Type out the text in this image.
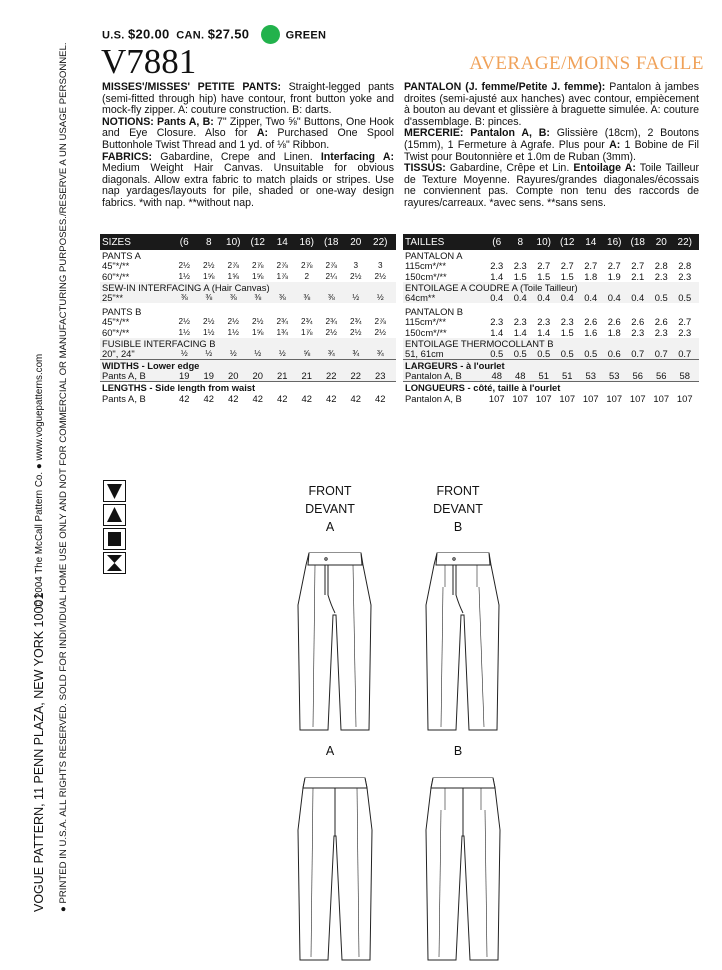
VOGUE PATTERN, 11 PENN PLAZA, NEW YORK 10001
© 2004 The McCall Pattern Co. ● www.voguepatterns.com ● PRINTED IN U.S.A. ALL RIGHTS RESERVED. SOLD FOR INDIVIDUAL HOME USE ONLY AND NOT FOR COMMERCIAL OR MANUFACTURING PURPOSES./RESERVE A UN USAGE PERSONNEL.
U.S. $20.00 CAN. $27.50	GREEN
V7881	AVERAGE/MOINS FACILE

MISSES'/MISSES' PETITE PANTS: Straight-legged pants (semi-fitted through hip) have contour, front button yoke and mock-fly zipper. A: couture construction. B: darts.

NOTIONS: Pants A, B: 7" Zipper, Two ⅝" Buttons, One Hook and Eye Closure. Also for A: Purchased One Spool Buttonhole Twist Thread and 1 yd. of ⅛" Ribbon.

FABRICS: Gabardine, Crepe and Linen. Interfacing A: Medium Weight Hair Canvas. Unsuitable for obvious diagonals. Allow extra fabric to match plaids or stripes. Use nap yardages/layouts for pile, shaded or one-way design fabrics. *with nap. **without nap.

PANTALON (J. femme/Petite J. femme): Pantalon à jambes droites (semi-ajusté aux hanches) avec contour, empiècement à bouton au devant et glissière à braguette simulée. A: couture d'assemblage. B: pinces.

MERCERIE: Pantalon A, B: Glissière (18cm), 2 Boutons (15mm), 1 Fermeture à Agrafe. Plus pour A: 1 Bobine de Fil Twist pour Boutonnière et 1.0m de Ruban (3mm).

TISSUS: Gabardine, Crêpe et Lin. Entoilage A: Toile Tailleur de Texture Moyenne. Rayures/grandes diagonales/écossais ne conviennent pas. Compte non tenu des raccords de rayures/carreaux. *avec sens. **sans sens.

SIZES	(6	8	10)	(12	14	16)	(18	20	22)
PANTS A
45"*/**	2½	2½	2⅞	2⅞	2⅞	2⅞	2⅞	3	3
60"*/**	1½	1⅝	1⅝	1⅝	1⅞	2	2¼	2½	2½
SEW-IN INTERFACING A (Hair Canvas)
25"**	⅜	⅜	⅜	⅜	⅜	⅜	⅜	½	½
PANTS B
45"*/**	2½	2½	2½	2½	2¾	2¾	2¾	2¾	2⅞
60"*/**	1½	1½	1½	1⅝	1¾	1⅞	2½	2½	2½
FUSIBLE INTERFACING B
20", 24"	½	½	½	½	½	⅝	¾	¾	¾
WIDTHS - Lower edge
Pants A, B	19	19	20	20	21	21	22	22	23
LENGTHS - Side length from waist
Pants A, B	42	42	42	42	42	42	42	42	42
TAILLES	(6	8	10) (12	14	16) (18	20	22)
PANTALON A
115cm*/**	2.3	2.3	2.7	2.7	2.7	2.7	2.7	2.8	2.8
150cm*/**	1.4	1.5	1.5	1.5	1.8	1.9	2.1	2.3	2.3
ENTOILAGE A COUDRE A (Toile Tailleur)
64cm**	0.4	0.4	0.4	0.4	0.4	0.4	0.4	0.5	0.5
PANTALON B
115cm*/**	2.3	2.3	2.3	2.3	2.6	2.6	2.6	2.6	2.7
150cm*/**	1.4	1.4	1.4	1.5	1.6	1.8	2.3	2.3	2.3
ENTOILAGE THERMOCOLLANT B
51, 61cm	0.5	0.5	0.5	0.5	0.5	0.6	0.7	0.7	0.7
LARGEURS - à l'ourlet
Pantalon A, B	48	48	51	51	53	53	56	56	58
LONGUEURS - côté, taille à l'ourlet
Pantalon A, B	107 107 107 107 107 107 107 107 107
FRONT
DEVANT
A
FRONT
DEVANT
B
A	B
